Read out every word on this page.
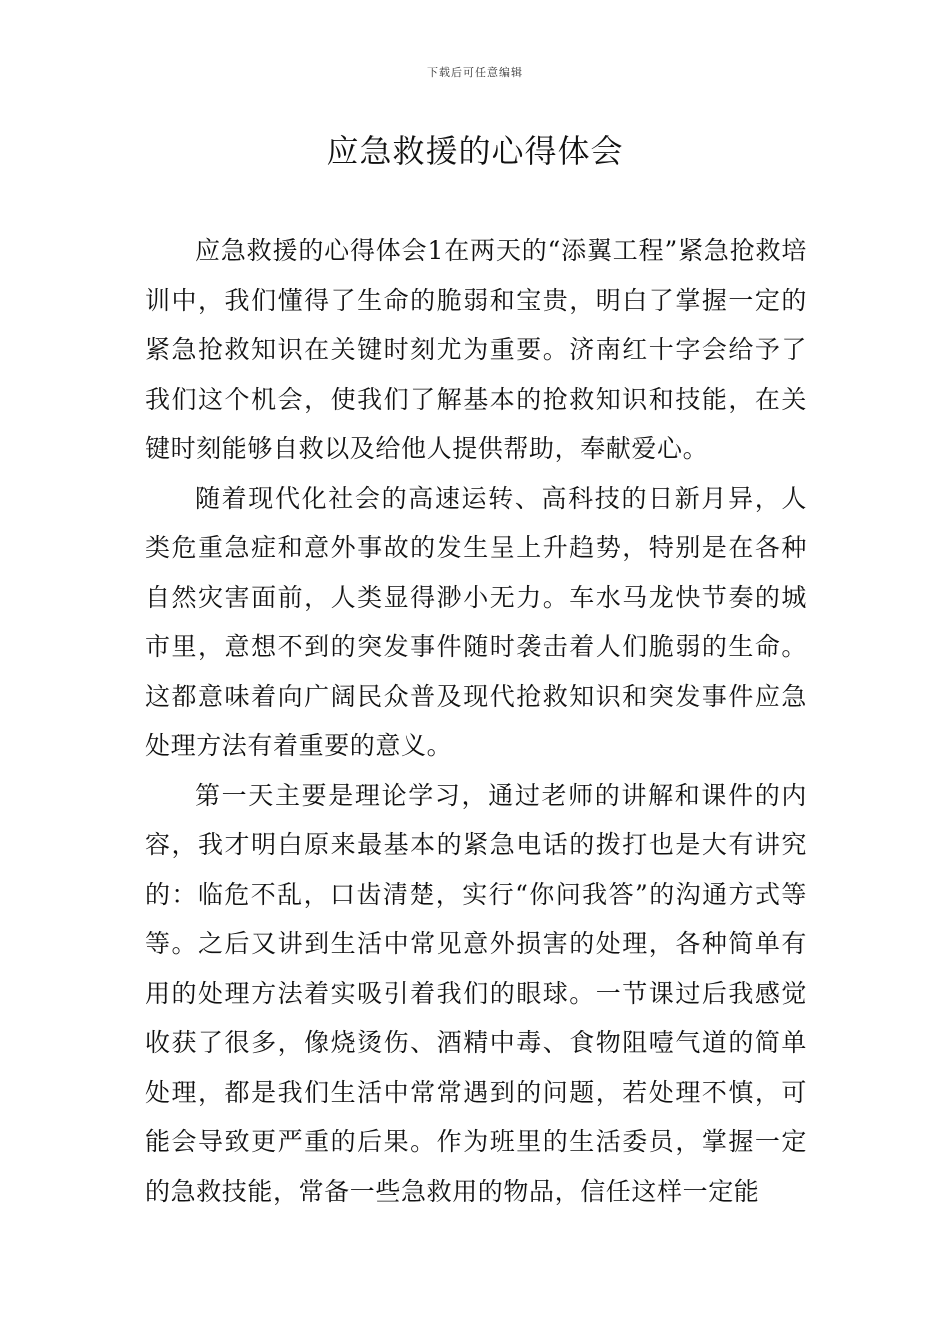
下载后可任意编辑
应急救援的心得体会

应急救援的心得体会1在两天的“添翼工程”紧急抢救培训中，我们懂得了生命的脆弱和宝贵，明白了掌握一定的紧急抢救知识在关键时刻尤为重要。济南红十字会给予了我们这个机会，使我们了解基本的抢救知识和技能，在关键时刻能够自救以及给他人提供帮助，奉献爱心。

随着现代化社会的高速运转、高科技的日新月异，人类危重急症和意外事故的发生呈上升趋势，特别是在各种自然灾害面前，人类显得渺小无力。车水马龙快节奏的城市里，意想不到的突发事件随时袭击着人们脆弱的生命。这都意味着向广阔民众普及现代抢救知识和突发事件应急处理方法有着重要的意义。

第一天主要是理论学习，通过老师的讲解和课件的内容，我才明白原来最基本的紧急电话的拨打也是大有讲究的：临危不乱，口齿清楚，实行“你问我答”的沟通方式等等。之后又讲到生活中常见意外损害的处理，各种简单有用的处理方法着实吸引着我们的眼球。一节课过后我感觉收获了很多，像烧烫伤、酒精中毒、食物阻噎气道的简单处理，都是我们生活中常常遇到的问题，若处理不慎，可能会导致更严重的后果。作为班里的生活委员，掌握一定的急救技能，常备一些急救用的物品，信任这样一定能
